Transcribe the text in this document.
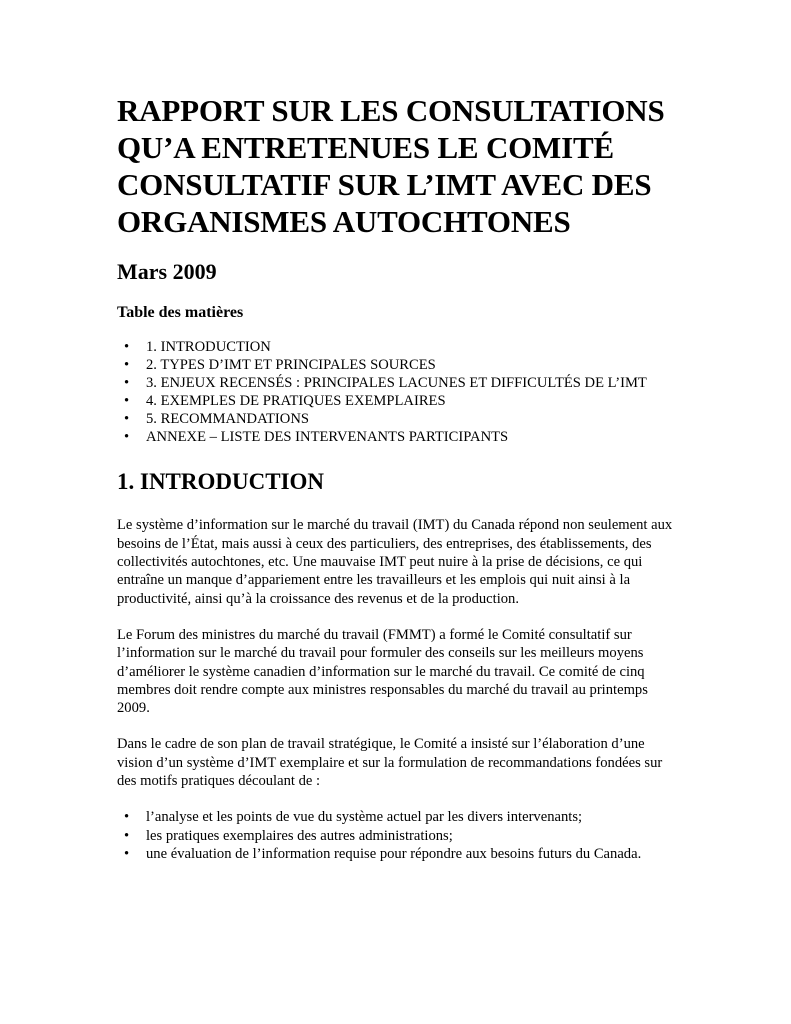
RAPPORT SUR LES CONSULTATIONS QU’A ENTRETENUES LE COMITÉ CONSULTATIF SUR L’IMT AVEC DES ORGANISMES AUTOCHTONES
Mars 2009
Table des matières
• 1. INTRODUCTION
• 2. TYPES D’IMT ET PRINCIPALES SOURCES
• 3. ENJEUX RECENSÉS : PRINCIPALES LACUNES ET DIFFICULTÉS DE L’IMT
• 4. EXEMPLES DE PRATIQUES EXEMPLAIRES
• 5. RECOMMANDATIONS
• ANNEXE – LISTE DES INTERVENANTS PARTICIPANTS
1. INTRODUCTION

Le système d’information sur le marché du travail (IMT) du Canada répond non seulement aux besoins de l’État, mais aussi à ceux des particuliers, des entreprises, des établissements, des collectivités autochtones, etc. Une mauvaise IMT peut nuire à la prise de décisions, ce qui entraîne un manque d’appariement entre les travailleurs et les emplois qui nuit ainsi à la productivité, ainsi qu’à la croissance des revenus et de la production.

Le Forum des ministres du marché du travail (FMMT) a formé le Comité consultatif sur l’information sur le marché du travail pour formuler des conseils sur les meilleurs moyens d’améliorer le système canadien d’information sur le marché du travail. Ce comité de cinq membres doit rendre compte aux ministres responsables du marché du travail au printemps 2009.

Dans le cadre de son plan de travail stratégique, le Comité a insisté sur l’élaboration d’une vision d’un système d’IMT exemplaire et sur la formulation de recommandations fondées sur des motifs pratiques découlant de :

• l’analyse et les points de vue du système actuel par les divers intervenants;
• les pratiques exemplaires des autres administrations;
• une évaluation de l’information requise pour répondre aux besoins futurs du Canada.
